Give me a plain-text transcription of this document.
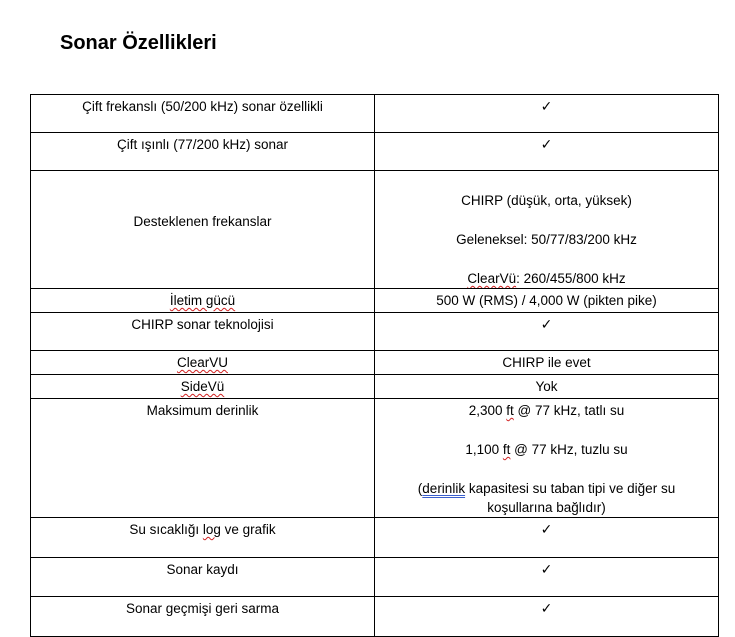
Sonar Özellikleri
Çift frekanslı (50/200 kHz) sonar özellikli	✓
Çift ışınlı (77/200 kHz) sonar	✓
Desteklenen frekanslar	CHIRP (düşük, orta, yüksek)
Geleneksel: 50/77/83/200 kHz
ClearVü: 260/455/800 kHz

İletim gücü	500 W (RMS) / 4,000 W (pikten pike)
CHIRP sonar teknolojisi	✓
ClearVU	CHIRP ile evet
SideVü	Yok
Maksimum derinlik	2,300 ft @ 77 kHz, tatlı su
1,100 ft @ 77 kHz, tuzlu su
(derinlik kapasitesi su taban tipi ve diğer su koşullarına bağlıdır)

Su sıcaklığı log ve grafik	✓
Sonar kaydı	✓
Sonar geçmişi geri sarma	✓
